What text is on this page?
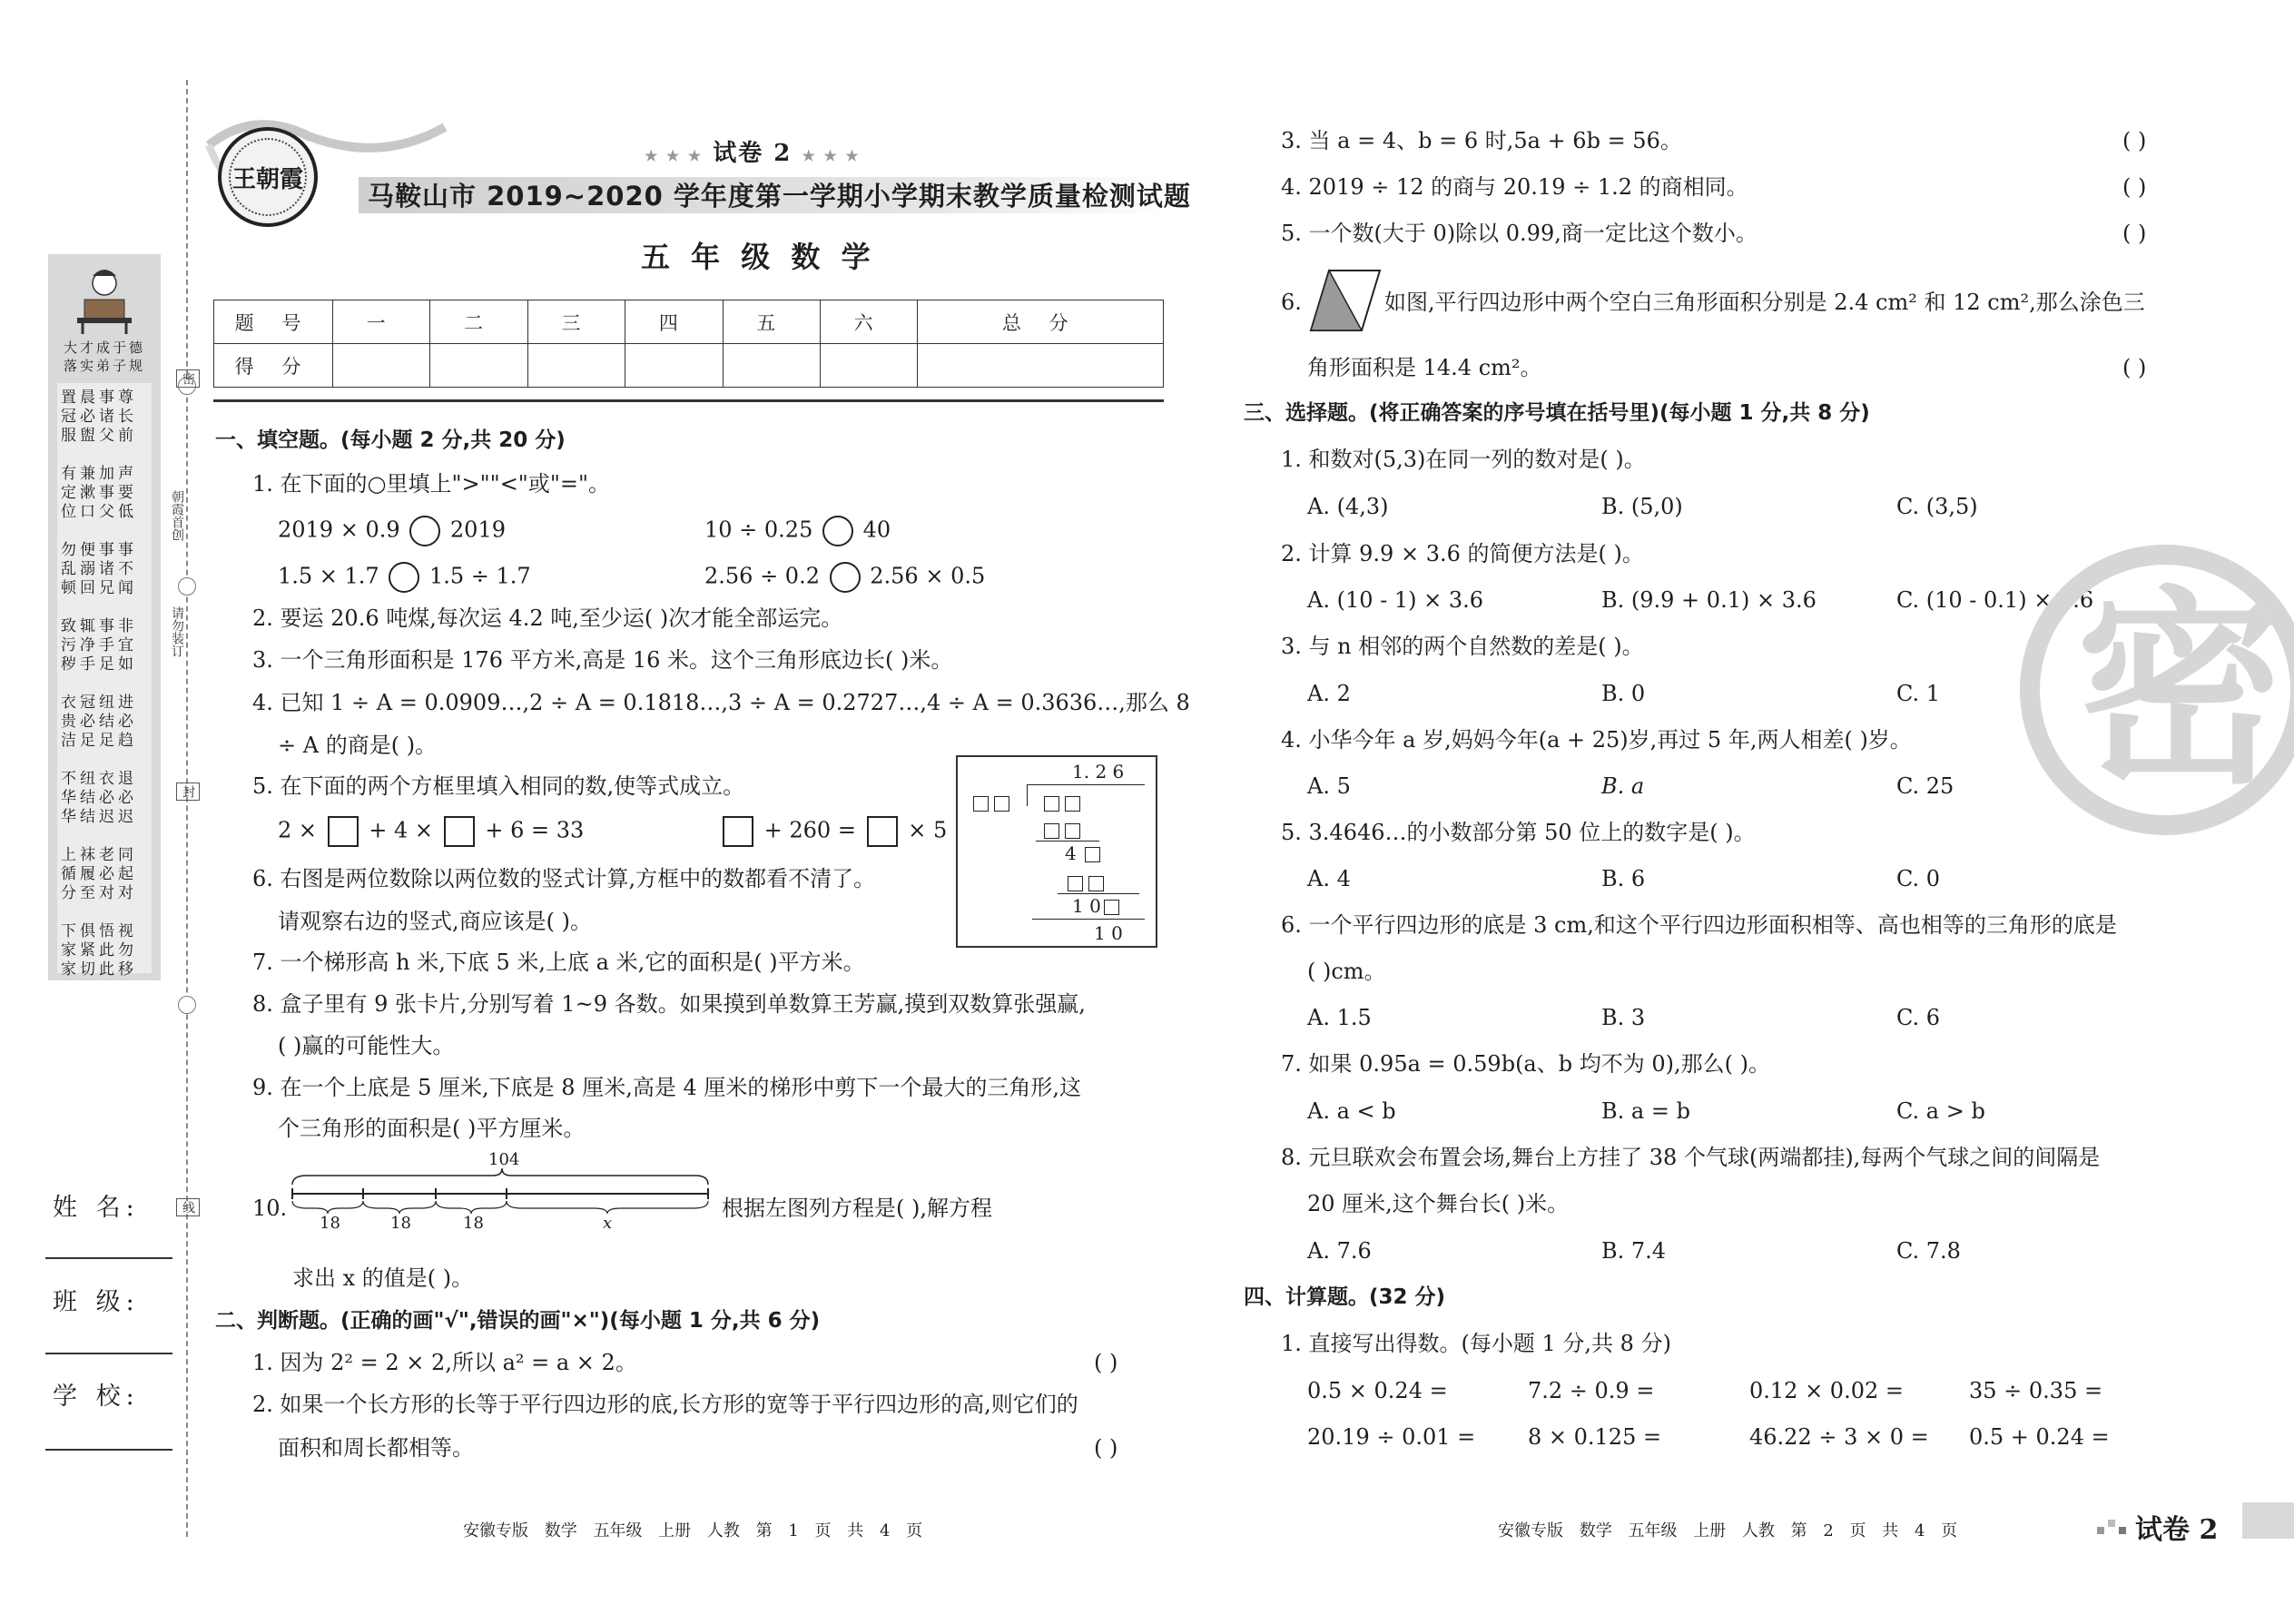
大才成于德
落实弟子规
置晨事尊
冠必诸长
服盥父前

有兼加声
定漱事要
位口父低

勿便事事
乱溺诸不
顿回兄闻

致辄事非
污净手宜
秽手足如

衣冠纽进
贵必结必
洁足足趋

不纽衣退
华结必必
华结迟迟

上袜老同
循履必起
分至对对

下俱悟视
家紧此勿
家切此移
密
朝霞首创
请勿装订
封
线
姓 名:
班 级:
学 校:
王朝霞
★ ★ ★ 试卷 2 ★ ★ ★
马鞍山市 2019~2020 学年度第一学期小学期末教学质量检测试题
五 年 级 数 学
题 号	一	二	三	四	五	六	总 分
得 分							
一、填空题。(每小题 2 分,共 20 分)
1. 在下面的○里填上">""<"或"="。
2019 × 0.9 2019	10 ÷ 0.25 40
1.5 × 1.7 1.5 ÷ 1.7	2.56 ÷ 0.2 2.56 × 0.5
2. 要运 20.6 吨煤,每次运 4.2 吨,至少运( )次才能全部运完。
3. 一个三角形面积是 176 平方米,高是 16 米。这个三角形底边长( )米。
4. 已知 1 ÷ A = 0.0909…,2 ÷ A = 0.1818…,3 ÷ A = 0.2727…,4 ÷ A = 0.3636…,那么 8
÷ A 的商是( )。
5. 在下面的两个方框里填入相同的数,使等式成立。
2 × + 4 × + 6 = 33	+ 260 = × 5
1. 2 6
4
1 0
1 0
6. 右图是两位数除以两位数的竖式计算,方框中的数都看不清了。
请观察右边的竖式,商应该是( )。
7. 一个梯形高 h 米,下底 5 米,上底 a 米,它的面积是( )平方米。
8. 盒子里有 9 张卡片,分别写着 1~9 各数。如果摸到单数算王芳赢,摸到双数算张强赢,
( )赢的可能性大。
9. 在一个上底是 5 厘米,下底是 8 厘米,高是 4 厘米的梯形中剪下一个最大的三角形,这
个三角形的面积是( )平方厘米。
10.
104
18	18	18	x
根据左图列方程是( ),解方程
求出 x 的值是( )。
二、判断题。(正确的画"√",错误的画"×")(每小题 1 分,共 6 分)
1. 因为 2² = 2 × 2,所以 a² = a × 2。	( )
2. 如果一个长方形的长等于平行四边形的底,长方形的宽等于平行四边形的高,则它们的
面积和周长都相等。	( )
安徽专版 数学 五年级 上册 人教 第 1 页 共 4 页
3. 当 a = 4、b = 6 时,5a + 6b = 56。	( )
4. 2019 ÷ 12 的商与 20.19 ÷ 1.2 的商相同。	( )
5. 一个数(大于 0)除以 0.99,商一定比这个数小。	( )
6.	如图,平行四边形中两个空白三角形面积分别是 2.4 cm² 和 12 cm²,那么涂色三
角形面积是 14.4 cm²。	( )
三、选择题。(将正确答案的序号填在括号里)(每小题 1 分,共 8 分)
1. 和数对(5,3)在同一列的数对是( )。
A. (4,3)	B. (5,0)	C. (3,5)
2. 计算 9.9 × 3.6 的简便方法是( )。
A. (10 - 1) × 3.6	B. (9.9 + 0.1) × 3.6	C. (10 - 0.1) × 3.6
3. 与 n 相邻的两个自然数的差是( )。
A. 2	B. 0	C. 1
4. 小华今年 a 岁,妈妈今年(a + 25)岁,再过 5 年,两人相差( )岁。
A. 5	B. a	C. 25
5. 3.4646…的小数部分第 50 位上的数字是( )。
A. 4	B. 6	C. 0
6. 一个平行四边形的底是 3 cm,和这个平行四边形面积相等、高也相等的三角形的底是
( )cm。
A. 1.5	B. 3	C. 6
7. 如果 0.95a = 0.59b(a、b 均不为 0),那么( )。
A. a < b	B. a = b	C. a > b
8. 元旦联欢会布置会场,舞台上方挂了 38 个气球(两端都挂),每两个气球之间的间隔是
20 厘米,这个舞台长( )米。
A. 7.6	B. 7.4	C. 7.8
四、计算题。(32 分)
1. 直接写出得数。(每小题 1 分,共 8 分)
0.5 × 0.24 =	7.2 ÷ 0.9 =	0.12 × 0.02 =	35 ÷ 0.35 =
20.19 ÷ 0.01 = 8 × 0.125 =	46.22 ÷ 3 × 0 = 0.5 + 0.24 =
密
安徽专版 数学 五年级 上册 人教 第 2 页 共 4 页	试卷 2
